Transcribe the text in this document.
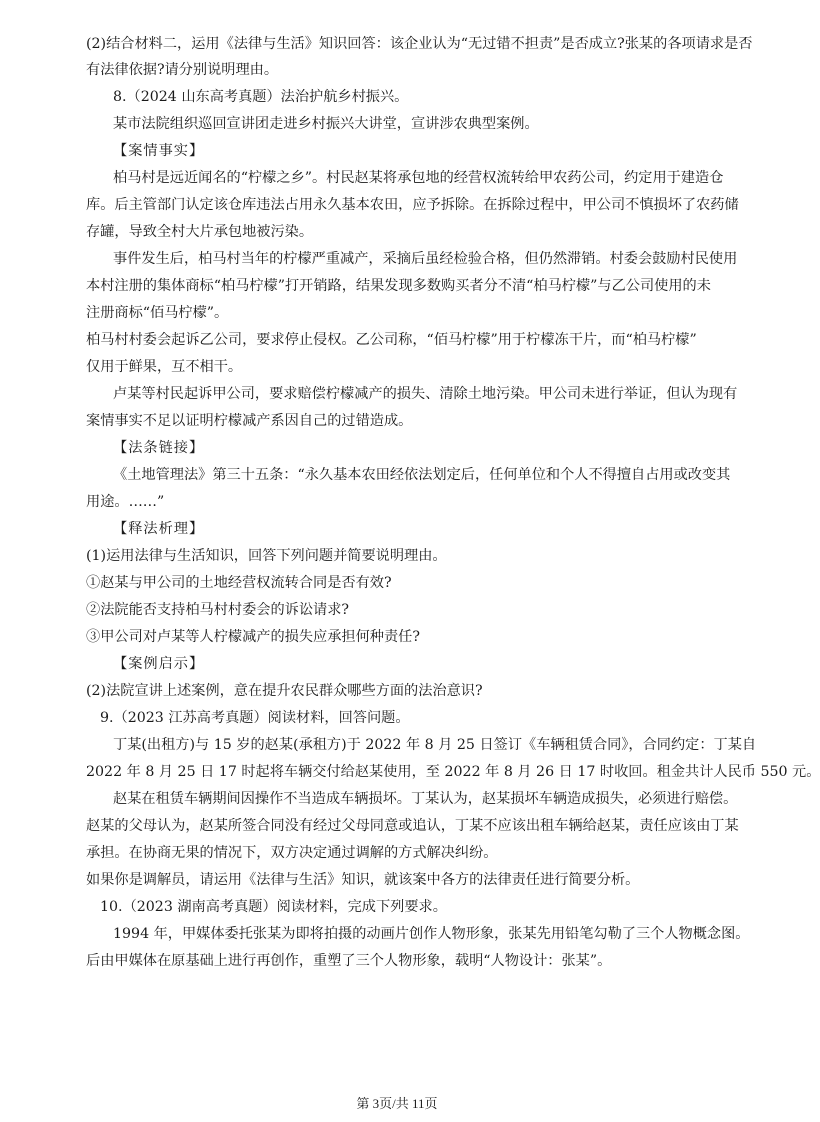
(2)结合材料二，运用《法律与生活》知识回答：该企业认为“无过错不担责”是否成立?张某的各项请求是否
有法律依据?请分别说明理由。
8.（2024 山东高考真题）法治护航乡村振兴。
某市法院组织巡回宣讲团走进乡村振兴大讲堂，宣讲涉农典型案例。
【案情事实】
柏马村是远近闻名的“柠檬之乡”。村民赵某将承包地的经营权流转给甲农药公司，约定用于建造仓
库。后主管部门认定该仓库违法占用永久基本农田，应予拆除。在拆除过程中，甲公司不慎损坏了农药储
存罐，导致全村大片承包地被污染。
事件发生后，柏马村当年的柠檬严重减产，采摘后虽经检验合格，但仍然滞销。村委会鼓励村民使用
本村注册的集体商标“柏马柠檬”打开销路，结果发现多数购买者分不清“柏马柠檬”与乙公司使用的未
注册商标“佰马柠檬”。
柏马村村委会起诉乙公司，要求停止侵权。乙公司称，“佰马柠檬”用于柠檬冻干片，而“柏马柠檬”
仅用于鲜果，互不相干。
卢某等村民起诉甲公司，要求赔偿柠檬减产的损失、清除土地污染。甲公司未进行举证，但认为现有
案情事实不足以证明柠檬减产系因自己的过错造成。
【法条链接】
《土地管理法》第三十五条：“永久基本农田经依法划定后，任何单位和个人不得擅自占用或改变其
用途。……”
【释法析理】
(1)运用法律与生活知识，回答下列问题并简要说明理由。
①赵某与甲公司的土地经营权流转合同是否有效?
②法院能否支持柏马村村委会的诉讼请求?
③甲公司对卢某等人柠檬减产的损失应承担何种责任?
【案例启示】
(2)法院宣讲上述案例，意在提升农民群众哪些方面的法治意识?
9.（2023 江苏高考真题）阅读材料，回答问题。
丁某(出租方)与 15 岁的赵某(承租方)于 2022 年 8 月 25 日签订《车辆租赁合同》，合同约定：丁某自
2022 年 8 月 25 日 17 时起将车辆交付给赵某使用，至 2022 年 8 月 26 日 17 时收回。租金共计人民币 550 元。
赵某在租赁车辆期间因操作不当造成车辆损坏。丁某认为，赵某损坏车辆造成损失，必须进行赔偿。
赵某的父母认为，赵某所签合同没有经过父母同意或追认，丁某不应该出租车辆给赵某，责任应该由丁某
承担。在协商无果的情况下，双方决定通过调解的方式解决纠纷。
如果你是调解员，请运用《法律与生活》知识，就该案中各方的法律责任进行简要分析。
10.（2023 湖南高考真题）阅读材料，完成下列要求。
1994 年，甲媒体委托张某为即将拍摄的动画片创作人物形象，张某先用铅笔勾勒了三个人物概念图。
后由甲媒体在原基础上进行再创作，重塑了三个人物形象，载明“人物设计：张某”。
第 3页/共 11页
